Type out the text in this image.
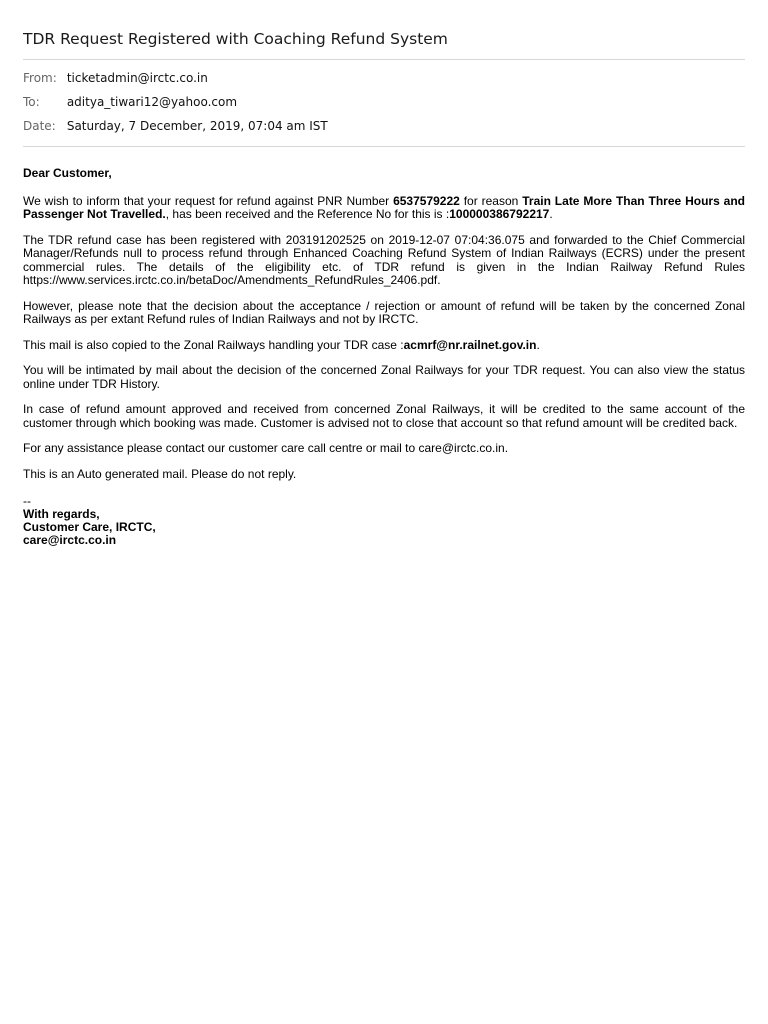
TDR Request Registered with Coaching Refund System
From: ticketadmin@irctc.co.in
To: aditya_tiwari12@yahoo.com
Date: Saturday, 7 December, 2019, 07:04 am IST

Dear Customer,

We wish to inform that your request for refund against PNR Number 6537579222 for reason Train Late More Than Three Hours and Passenger Not Travelled., has been received and the Reference No for this is :100000386792217.

The TDR refund case has been registered with 203191202525 on 2019-12-07 07:04:36.075 and forwarded to the Chief Commercial Manager/Refunds null to process refund through Enhanced Coaching Refund System of Indian Railways (ECRS) under the present commercial rules. The details of the eligibility etc. of TDR refund is given in the Indian Railway Refund Rules https://www.services.irctc.co.in/betaDoc/Amendments_RefundRules_2406.pdf.

However, please note that the decision about the acceptance / rejection or amount of refund will be taken by the concerned Zonal Railways as per extant Refund rules of Indian Railways and not by IRCTC.

This mail is also copied to the Zonal Railways handling your TDR case :acmrf@nr.railnet.gov.in.

You will be intimated by mail about the decision of the concerned Zonal Railways for your TDR request. You can also view the status online under TDR History.

In case of refund amount approved and received from concerned Zonal Railways, it will be credited to the same account of the customer through which booking was made. Customer is advised not to close that account so that refund amount will be credited back.

For any assistance please contact our customer care call centre or mail to care@irctc.co.in.

This is an Auto generated mail. Please do not reply.

--
With regards,
Customer Care, IRCTC,
care@irctc.co.in
